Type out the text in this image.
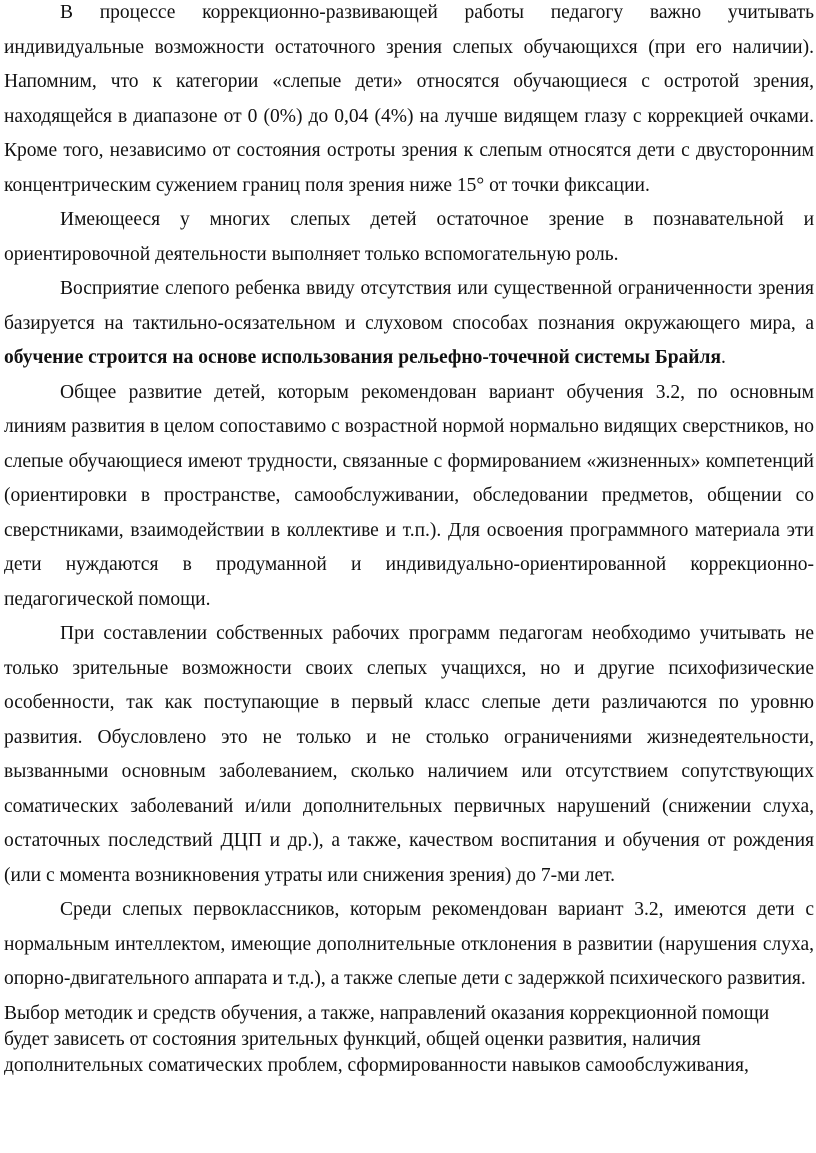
В процессе коррекционно-развивающей работы педагогу важно учитывать индивидуальные возможности остаточного зрения слепых обучающихся (при его наличии). Напомним, что к категории «слепые дети» относятся обучающиеся с остротой зрения, находящейся в диапазоне от 0 (0%) до 0,04 (4%) на лучше видящем глазу с коррекцией очками. Кроме того, независимо от состояния остроты зрения к слепым относятся дети с двусторонним концентрическим сужением границ поля зрения ниже 15° от точки фиксации.

Имеющееся у многих слепых детей остаточное зрение в познавательной и ориентировочной деятельности выполняет только вспомогательную роль.

Восприятие слепого ребенка ввиду отсутствия или существенной ограниченности зрения базируется на тактильно-осязательном и слуховом способах познания окружающего мира, а обучение строится на основе использования рельефно-точечной системы Брайля.

Общее развитие детей, которым рекомендован вариант обучения 3.2, по основным линиям развития в целом сопоставимо с возрастной нормой нормально видящих сверстников, но слепые обучающиеся имеют трудности, связанные с формированием «жизненных» компетенций (ориентировки в пространстве, самообслуживании, обследовании предметов, общении со сверстниками, взаимодействии в коллективе и т.п.). Для освоения программного материала эти дети нуждаются в продуманной и индивидуально-ориентированной коррекционно-педагогической помощи.

При составлении собственных рабочих программ педагогам необходимо учитывать не только зрительные возможности своих слепых учащихся, но и другие психофизические особенности, так как поступающие в первый класс слепые дети различаются по уровню развития. Обусловлено это не только и не столько ограничениями жизнедеятельности, вызванными основным заболеванием, сколько наличием или отсутствием сопутствующих соматических заболеваний и/или дополнительных первичных нарушений (снижении слуха, остаточных последствий ДЦП и др.), а также, качеством воспитания и обучения от рождения (или с момента возникновения утраты или снижения зрения) до 7-ми лет.

Среди слепых первоклассников, которым рекомендован вариант 3.2, имеются дети с нормальным интеллектом, имеющие дополнительные отклонения в развитии (нарушения слуха, опорно-двигательного аппарата и т.д.), а также слепые дети с задержкой психического развития.

Выбор методик и средств обучения, а также, направлений оказания коррекционной помощи будет зависеть от состояния зрительных функций, общей оценки развития, наличия дополнительных соматических проблем, сформированности навыков самообслуживания,
